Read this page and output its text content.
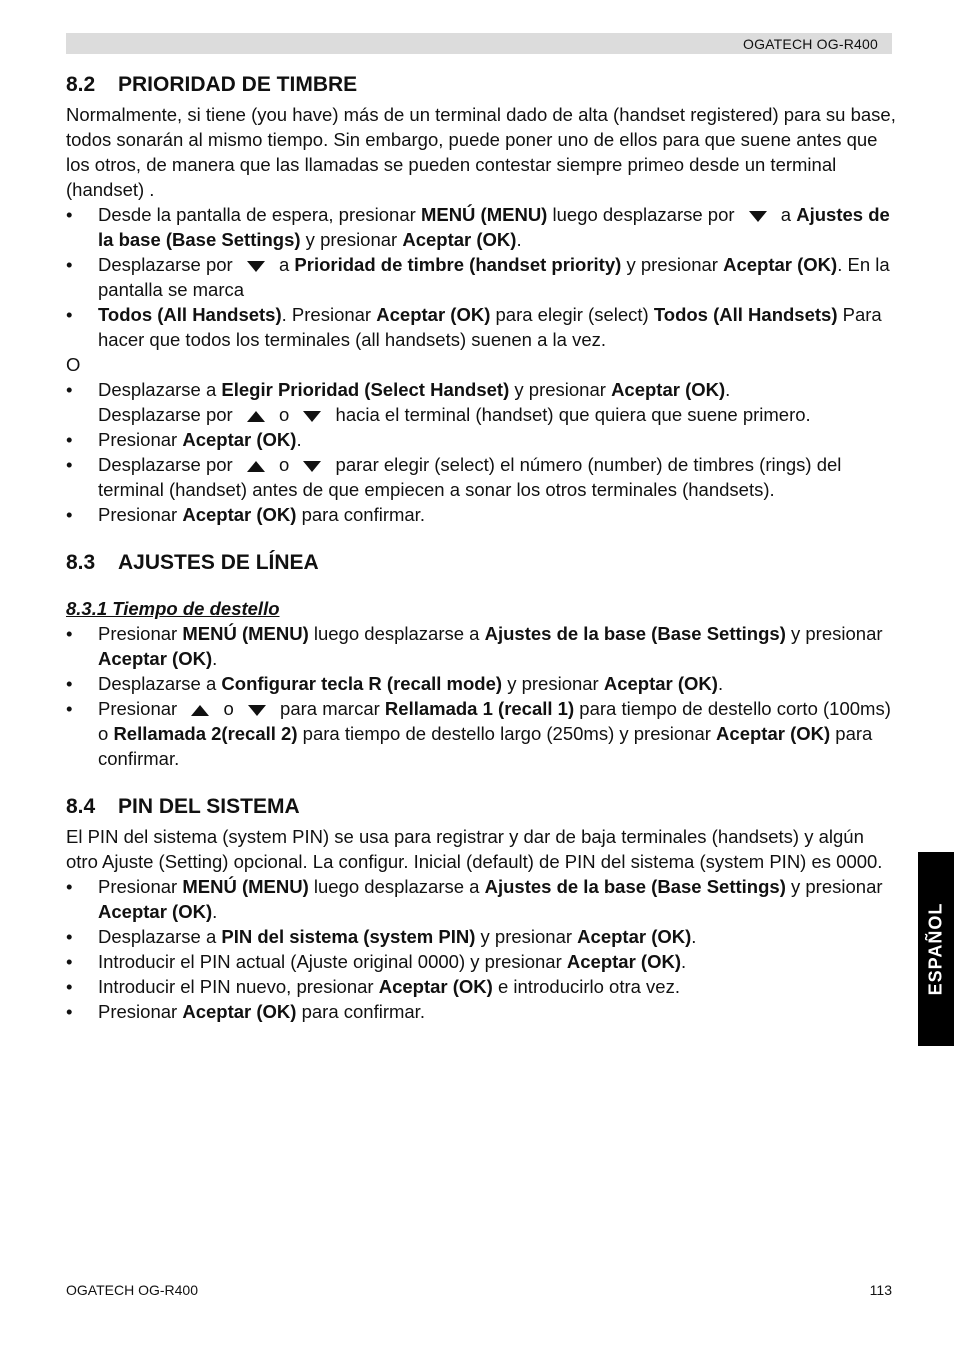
OGATECH OG-R400
8.2 PRIORIDAD DE TIMBRE

Normalmente, si tiene (you have) más de un terminal dado de alta (handset registered) para su base, todos sonarán al mismo tiempo. Sin embargo, puede poner uno de ellos para que suene antes que los otros, de manera que las llamadas se pueden contestar siempre primeo desde un terminal (handset) .

• Desde la pantalla de espera, presionar MENÚ (MENU) luego desplazarse por  a Ajustes de la base (Base Settings) y presionar Aceptar (OK).
• Desplazarse por  a Prioridad de timbre (handset priority) y presionar Aceptar (OK). En la pantalla se marca
• Todos (All Handsets). Presionar Aceptar (OK) para elegir (select) Todos (All Handsets) Para hacer que todos los terminales (all handsets) suenen a la vez.

O

• Desplazarse a Elegir Prioridad (Select Handset) y presionar Aceptar (OK).
Desplazarse por  o  hacia el terminal (handset) que quiera que suene primero.
• Presionar Aceptar (OK).
• Desplazarse por  o  parar elegir (select) el número (number) de timbres (rings) del terminal (handset) antes de que empiecen a sonar los otros terminales (handsets).
• Presionar Aceptar (OK) para confirmar.
8.3 AJUSTES DE LÍNEA

8.3.1 Tiempo de destello

• Presionar MENÚ (MENU) luego desplazarse a Ajustes de la base (Base Settings) y presionar Aceptar (OK).
• Desplazarse a Configurar tecla R (recall mode) y presionar Aceptar (OK).
• Presionar  o  para marcar Rellamada 1 (recall 1) para tiempo de destello corto (100ms) o Rellamada 2(recall 2) para tiempo de destello largo (250ms) y presionar Aceptar (OK) para confirmar.
8.4 PIN DEL SISTEMA

El PIN del sistema (system PIN) se usa para registrar y dar de baja terminales (handsets) y algún otro Ajuste (Setting) opcional. La configur. Inicial (default) de PIN del sistema (system PIN) es 0000.

• Presionar MENÚ (MENU) luego desplazarse a Ajustes de la base (Base Settings) y presionar Aceptar (OK).
• Desplazarse a PIN del sistema (system PIN) y presionar Aceptar (OK).
• Introducir el PIN actual (Ajuste original 0000) y presionar Aceptar (OK).
• Introducir el PIN nuevo, presionar Aceptar (OK) e introducirlo otra vez.
• Presionar Aceptar (OK) para confirmar.
ESPAÑOL
OGATECH OG-R400	113
